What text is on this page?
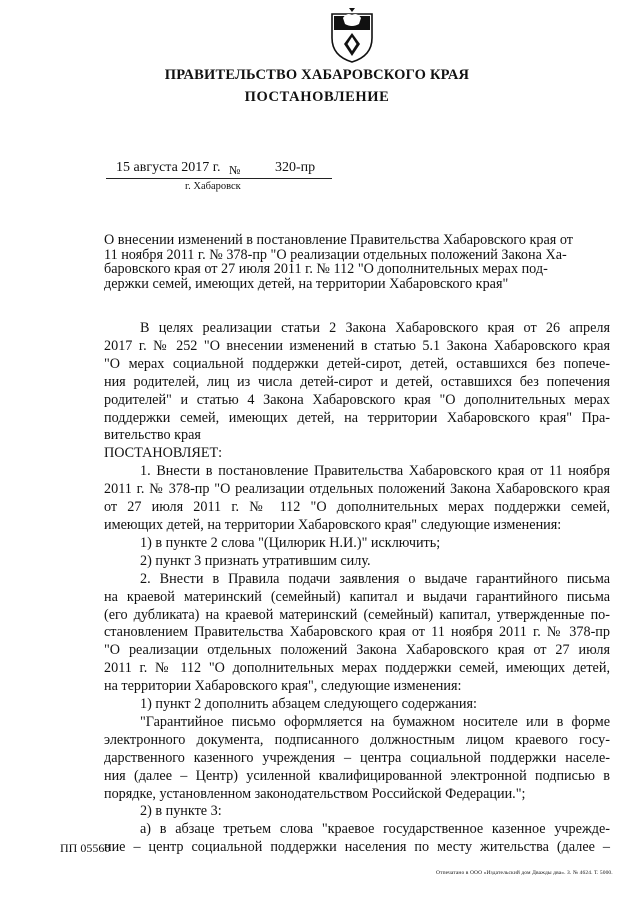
ПРАВИТЕЛЬСТВО ХАБАРОВСКОГО КРАЯ
ПОСТАНОВЛЕНИЕ
15 августа 2017 г. № 320-пр
г. Хабаровск
О внесении изменений в постановление Правительства Хабаровского края от
11 ноября 2011 г. № 378-пр "О реализации отдельных положений Закона Ха-
баровского края от 27 июля 2011 г. № 112 "О дополнительных мерах под-
держки семей, имеющих детей, на территории Хабаровского края"

В целях реализации статьи 2 Закона Хабаровского края от 26 апреля

2017 г. № 252 "О внесении изменений в статью 5.1 Закона Хабаровского края

"О мерах социальной поддержки детей-сирот, детей, оставшихся без попече-

ния родителей, лиц из числа детей-сирот и детей, оставшихся без попечения

родителей" и статью 4 Закона Хабаровского края "О дополнительных мерах

поддержки семей, имеющих детей, на территории Хабаровского края" Пра-

вительство края

ПОСТАНОВЛЯЕТ:

1. Внести в постановление Правительства Хабаровского края от 11 ноября

2011 г. № 378-пр "О реализации отдельных положений Закона Хабаровского края

от 27 июля 2011 г. № 112 "О дополнительных мерах поддержки семей,

имеющих детей, на территории Хабаровского края" следующие изменения:

1) в пункте 2 слова "(Цилюрик Н.И.)" исключить;

2) пункт 3 признать утратившим силу.

2. Внести в Правила подачи заявления о выдаче гарантийного письма

на краевой материнский (семейный) капитал и выдачи гарантийного письма

(его дубликата) на краевой материнский (семейный) капитал, утвержденные по-

становлением Правительства Хабаровского края от 11 ноября 2011 г. № 378-пр

"О реализации отдельных положений Закона Хабаровского края от 27 июля

2011 г. № 112 "О дополнительных мерах поддержки семей, имеющих детей,

на территории Хабаровского края", следующие изменения:

1) пункт 2 дополнить абзацем следующего содержания:

"Гарантийное письмо оформляется на бумажном носителе или в форме

электронного документа, подписанного должностным лицом краевого госу-

дарственного казенного учреждения – центра социальной поддержки населе-

ния (далее – Центр) усиленной квалифицированной электронной подписью в

порядке, установленном законодательством Российской Федерации.";

2) в пункте 3:

а) в абзаце третьем слова "краевое государственное казенное учрежде-

ние – центр социальной поддержки населения по месту жительства (далее –

ПП 05560
Отпечатано в ООО «Издательский дом Дважды два». З. № 4624. Т. 5000.
